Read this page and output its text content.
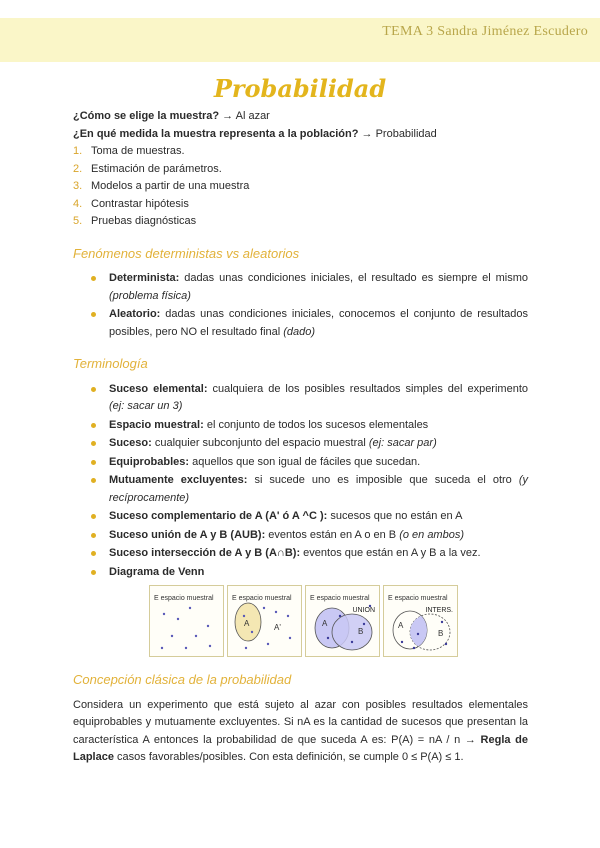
TEMA 3 Sandra Jiménez Escudero
Probabilidad

¿Cómo se elige la muestra? → Al azar

¿En qué medida la muestra representa a la población? → Probabilidad

1. Toma de muestras.
2. Estimación de parámetros.
3. Modelos a partir de una muestra
4. Contrastar hipótesis
5. Pruebas diagnósticas
Fenómenos deterministas vs aleatorios
Determinista: dadas unas condiciones iniciales, el resultado es siempre el mismo (problema física)
Aleatorio: dadas unas condiciones iniciales, conocemos el conjunto de resultados posibles, pero NO el resultado final (dado)
Terminología
Suceso elemental: cualquiera de los posibles resultados simples del experimento (ej: sacar un 3)
Espacio muestral: el conjunto de todos los sucesos elementales
Suceso: cualquier subconjunto del espacio muestral (ej: sacar par)
Equiprobables: aquellos que son igual de fáciles que sucedan.
Mutuamente excluyentes: si sucede uno es imposible que suceda el otro (y recíprocamente)
Suceso complementario de A (A' ó A ^C ): sucesos que no están en A
Suceso unión de A y B (AUB): eventos están en A o en B (o en ambos)
Suceso intersección de A y B (A∩B): eventos que están en A y B a la vez.
Diagrama de Venn
E espacio muestral	E espacio muestral
A	A'
E espacio muestral
UNION
A
B
E espacio muestral
INTERS.
A
B
Concepción clásica de la probabilidad

Considera un experimento que está sujeto al azar con posibles resultados elementales equiprobables y mutuamente excluyentes. Si nA es la cantidad de sucesos que presentan la característica A entonces la probabilidad de que suceda A es: P(A) = nA / n → Regla de Laplace casos favorables/posibles. Con esta definición, se cumple 0 ≤ P(A) ≤ 1.
